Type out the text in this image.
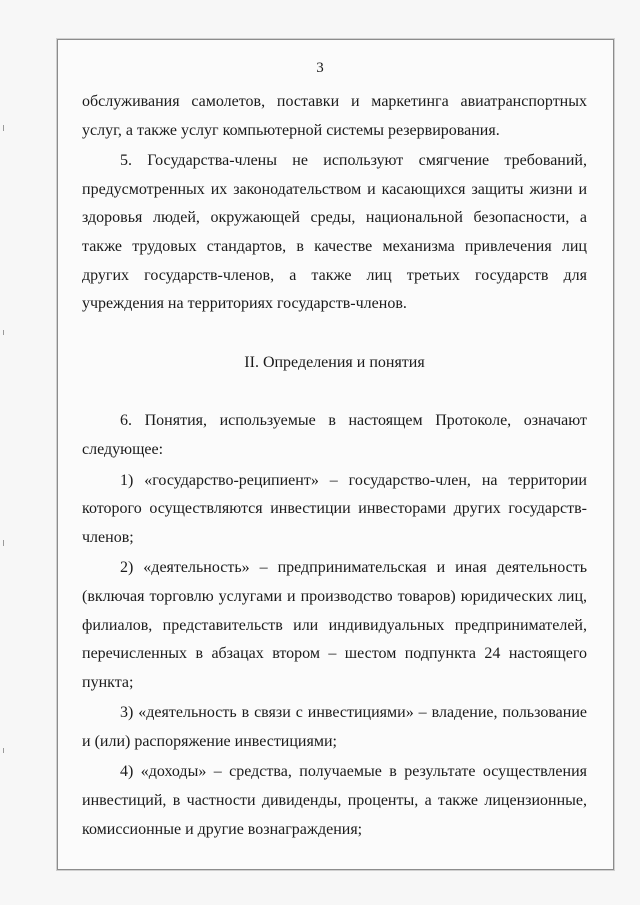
3

обслуживания самолетов, поставки и маркетинга авиатранспортных услуг, а также услуг компьютерной системы резервирования.

5. Государства-члены не используют смягчение требований, предусмотренных их законодательством и касающихся защиты жизни и здоровья людей, окружающей среды, национальной безопасности, а также трудовых стандартов, в качестве механизма привлечения лиц других государств-членов, а также лиц третьих государств для учреждения на территориях государств-членов.

II. Определения и понятия

6. Понятия, используемые в настоящем Протоколе, означают следующее:

1) «государство-реципиент» – государство-член, на территории которого осуществляются инвестиции инвесторами других государств-членов;

2) «деятельность» – предпринимательская и иная деятельность (включая торговлю услугами и производство товаров) юридических лиц, филиалов, представительств или индивидуальных предпринимателей, перечисленных в абзацах втором – шестом подпункта 24 настоящего пункта;

3) «деятельность в связи с инвестициями» – владение, пользование и (или) распоряжение инвестициями;

4) «доходы» – средства, получаемые в результате осуществления инвестиций, в частности дивиденды, проценты, а также лицензионные, комиссионные и другие вознаграждения;
